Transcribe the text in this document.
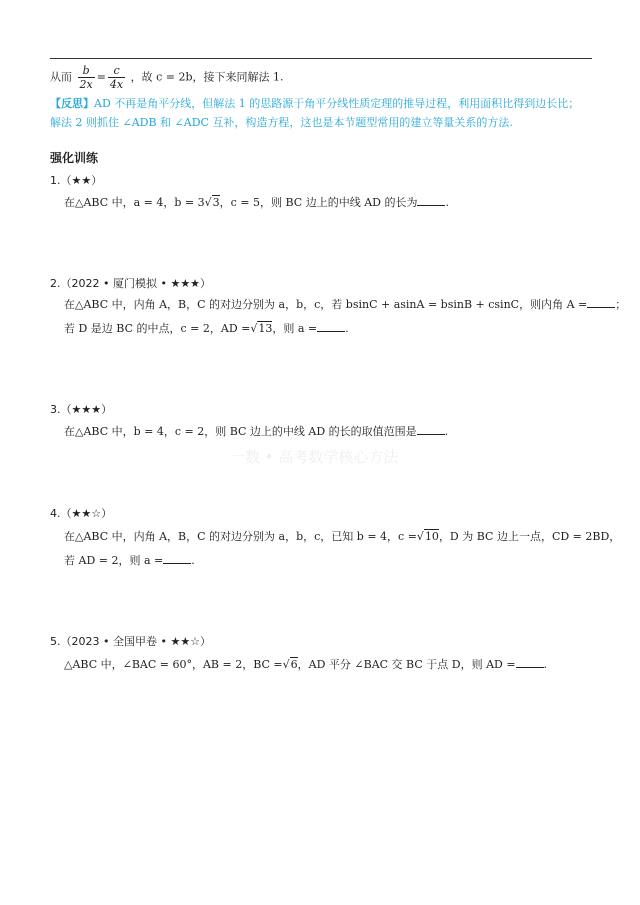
从而 $\frac{b}{2x} = \frac{c}{4x}$ ，故 c = 2b，接下来同解法 1.
【反思】AD 不再是角平分线，但解法 1 的思路源于角平分线性质定理的推导过程，利用面积比得到边长比；
解法 2 则抓住 ∠ADB 和 ∠ADC 互补，构造方程，这也是本节题型常用的建立等量关系的方法.
强化训练
1.（★★）
在△ABC 中，a = 4，b = 3√3，c = 5，则 BC 边上的中线 AD 的长为	.
2.（2022 • 厦门模拟 • ★★★）
在△ABC 中，内角 A，B，C 的对边分别为 a，b，c，若 bsinC + asinA = bsinB + csinC，则内角 A =	；
若 D 是边 BC 的中点，c = 2，AD =√13，则 a =	.
3.（★★★）
在△ABC 中，b = 4，c = 2，则 BC 边上的中线 AD 的长的取值范围是	.
一数 • 高考数学核心方法
4.（★★☆）
在△ABC 中，内角 A，B，C 的对边分别为 a，b，c，已知 b = 4，c =√10，D 为 BC 边上一点，CD = 2BD，
若 AD = 2，则 a =	.
5.（2023 • 全国甲卷 • ★★☆）
△ABC 中，∠BAC = 60°，AB = 2，BC =√6，AD 平分 ∠BAC 交 BC 于点 D，则 AD =	.
